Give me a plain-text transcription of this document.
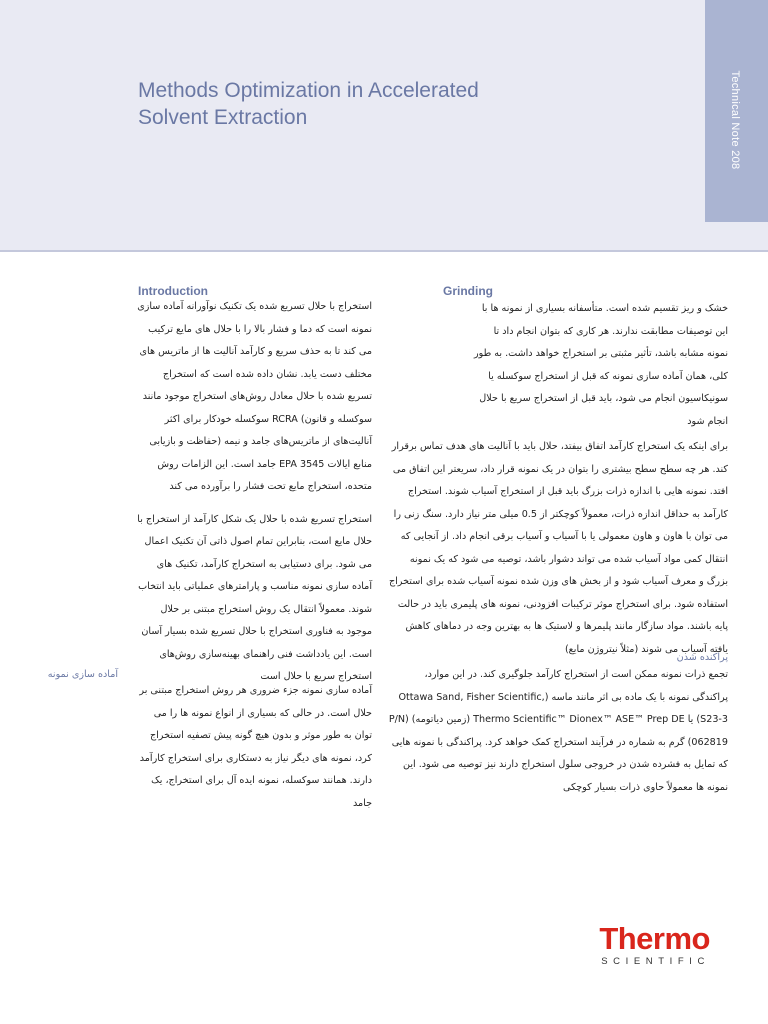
Methods Optimization in Accelerated
Solvent Extraction	Technical Note 208
Introduction

استخراج با حلال تسریع شده یک تکنیک نوآورانه آماده سازی نمونه است که دما و فشار بالا را با حلال های مایع ترکیب می کند تا به حذف سریع و کارآمد آنالیت ها از ماتریس های مختلف دست یابد. نشان داده شده است که استخراج تسریع شده با حلال معادل روش‌های استخراج موجود مانند سوکسله و قانون) RCRA سوکسله خودکار برای اکثر آنالیت‌های از ماتریس‌های جامد و نیمه (حفاظت و بازیابی منابع ایالات EPA 3545 جامد است. این الزامات روش متحده، استخراج مایع تحت فشار را برآورده می کند

استخراج تسریع شده با حلال یک شکل کارآمد از استخراج با حلال مایع است، بنابراین تمام اصول ذاتی آن تکنیک اعمال می شود. برای دستیابی به استخراج کارآمد، تکنیک های آماده سازی نمونه مناسب و پارامترهای عملیاتی باید انتخاب شوند. معمولاً انتقال یک روش استخراج مبتنی بر حلال موجود به فناوری استخراج با حلال تسریع شده بسیار آسان است. این یادداشت فنی راهنمای بهینه‌سازی روش‌های استخراج سریع با حلال است

آماده سازی نمونه

آماده سازی نمونه جزء ضروری هر روش استخراج مبتنی بر حلال است. در حالی که بسیاری از انواع نمونه ها را می توان به طور موثر و بدون هیچ گونه پیش تصفیه استخراج کرد، نمونه های دیگر نیاز به دستکاری برای استخراج کارآمد دارند. همانند سوکسله، نمونه ایده آل برای استخراج، یک جامد

Grinding

خشک و ریز تقسیم شده است. متأسفانه بسیاری از نمونه ها با این توصیفات مطابقت ندارند. هر کاری که بتوان انجام داد تا نمونه مشابه باشد، تأثیر مثبتی بر استخراج خواهد داشت. به طور کلی، همان آماده سازی نمونه که قبل از استخراج سوکسله یا سونیکاسیون انجام می شود، باید قبل از استخراج سریع با حلال انجام شود

برای اینکه یک استخراج کارآمد اتفاق بیفتد، حلال باید با آنالیت های هدف تماس برقرار کند. هر چه سطح سطح بیشتری را بتوان در یک نمونه قرار داد، سریعتر این اتفاق می افتد. نمونه هایی با اندازه ذرات بزرگ باید قبل از استخراج آسیاب شوند. استخراج کارآمد به حداقل اندازه ذرات، معمولاً کوچکتر از 0.5 میلی متر نیاز دارد. سنگ زنی را می توان با هاون و هاون معمولی یا با آسیاب و آسیاب برقی انجام داد. از آنجایی که انتقال کمی مواد آسیاب شده می تواند دشوار باشد، توصیه می شود که یک نمونه بزرگ و معرف آسیاب شود و از بخش های وزن شده نمونه آسیاب شده برای استخراج استفاده شود. برای استخراج موثر ترکیبات افزودنی، نمونه های پلیمری باید در حالت پایه باشند. مواد سازگار مانند پلیمرها و لاستیک ها به بهترین وجه در دماهای کاهش یافته آسیاب می شوند (مثلاً نیتروژن مایع)

پراکنده شدن

تجمع ذرات نمونه ممکن است از استخراج کارآمد جلوگیری کند. در این موارد، پراکندگی نمونه با یک ماده بی اثر مانند ماسه (Ottawa Sand, Fisher Scientific, S23-3) یا Thermo Scientific™ Dionex™ ASE™ Prep DE (زمین دیاتومه) (P/N 062819) گرم به شماره در فرآیند استخراج کمک خواهد کرد. پراکندگی با نمونه هایی که تمایل به فشرده شدن در خروجی سلول استخراج دارند نیز توصیه می شود. این نمونه ها معمولاً حاوی ذرات بسیار کوچکی

Thermo
SCIENTIFIC
